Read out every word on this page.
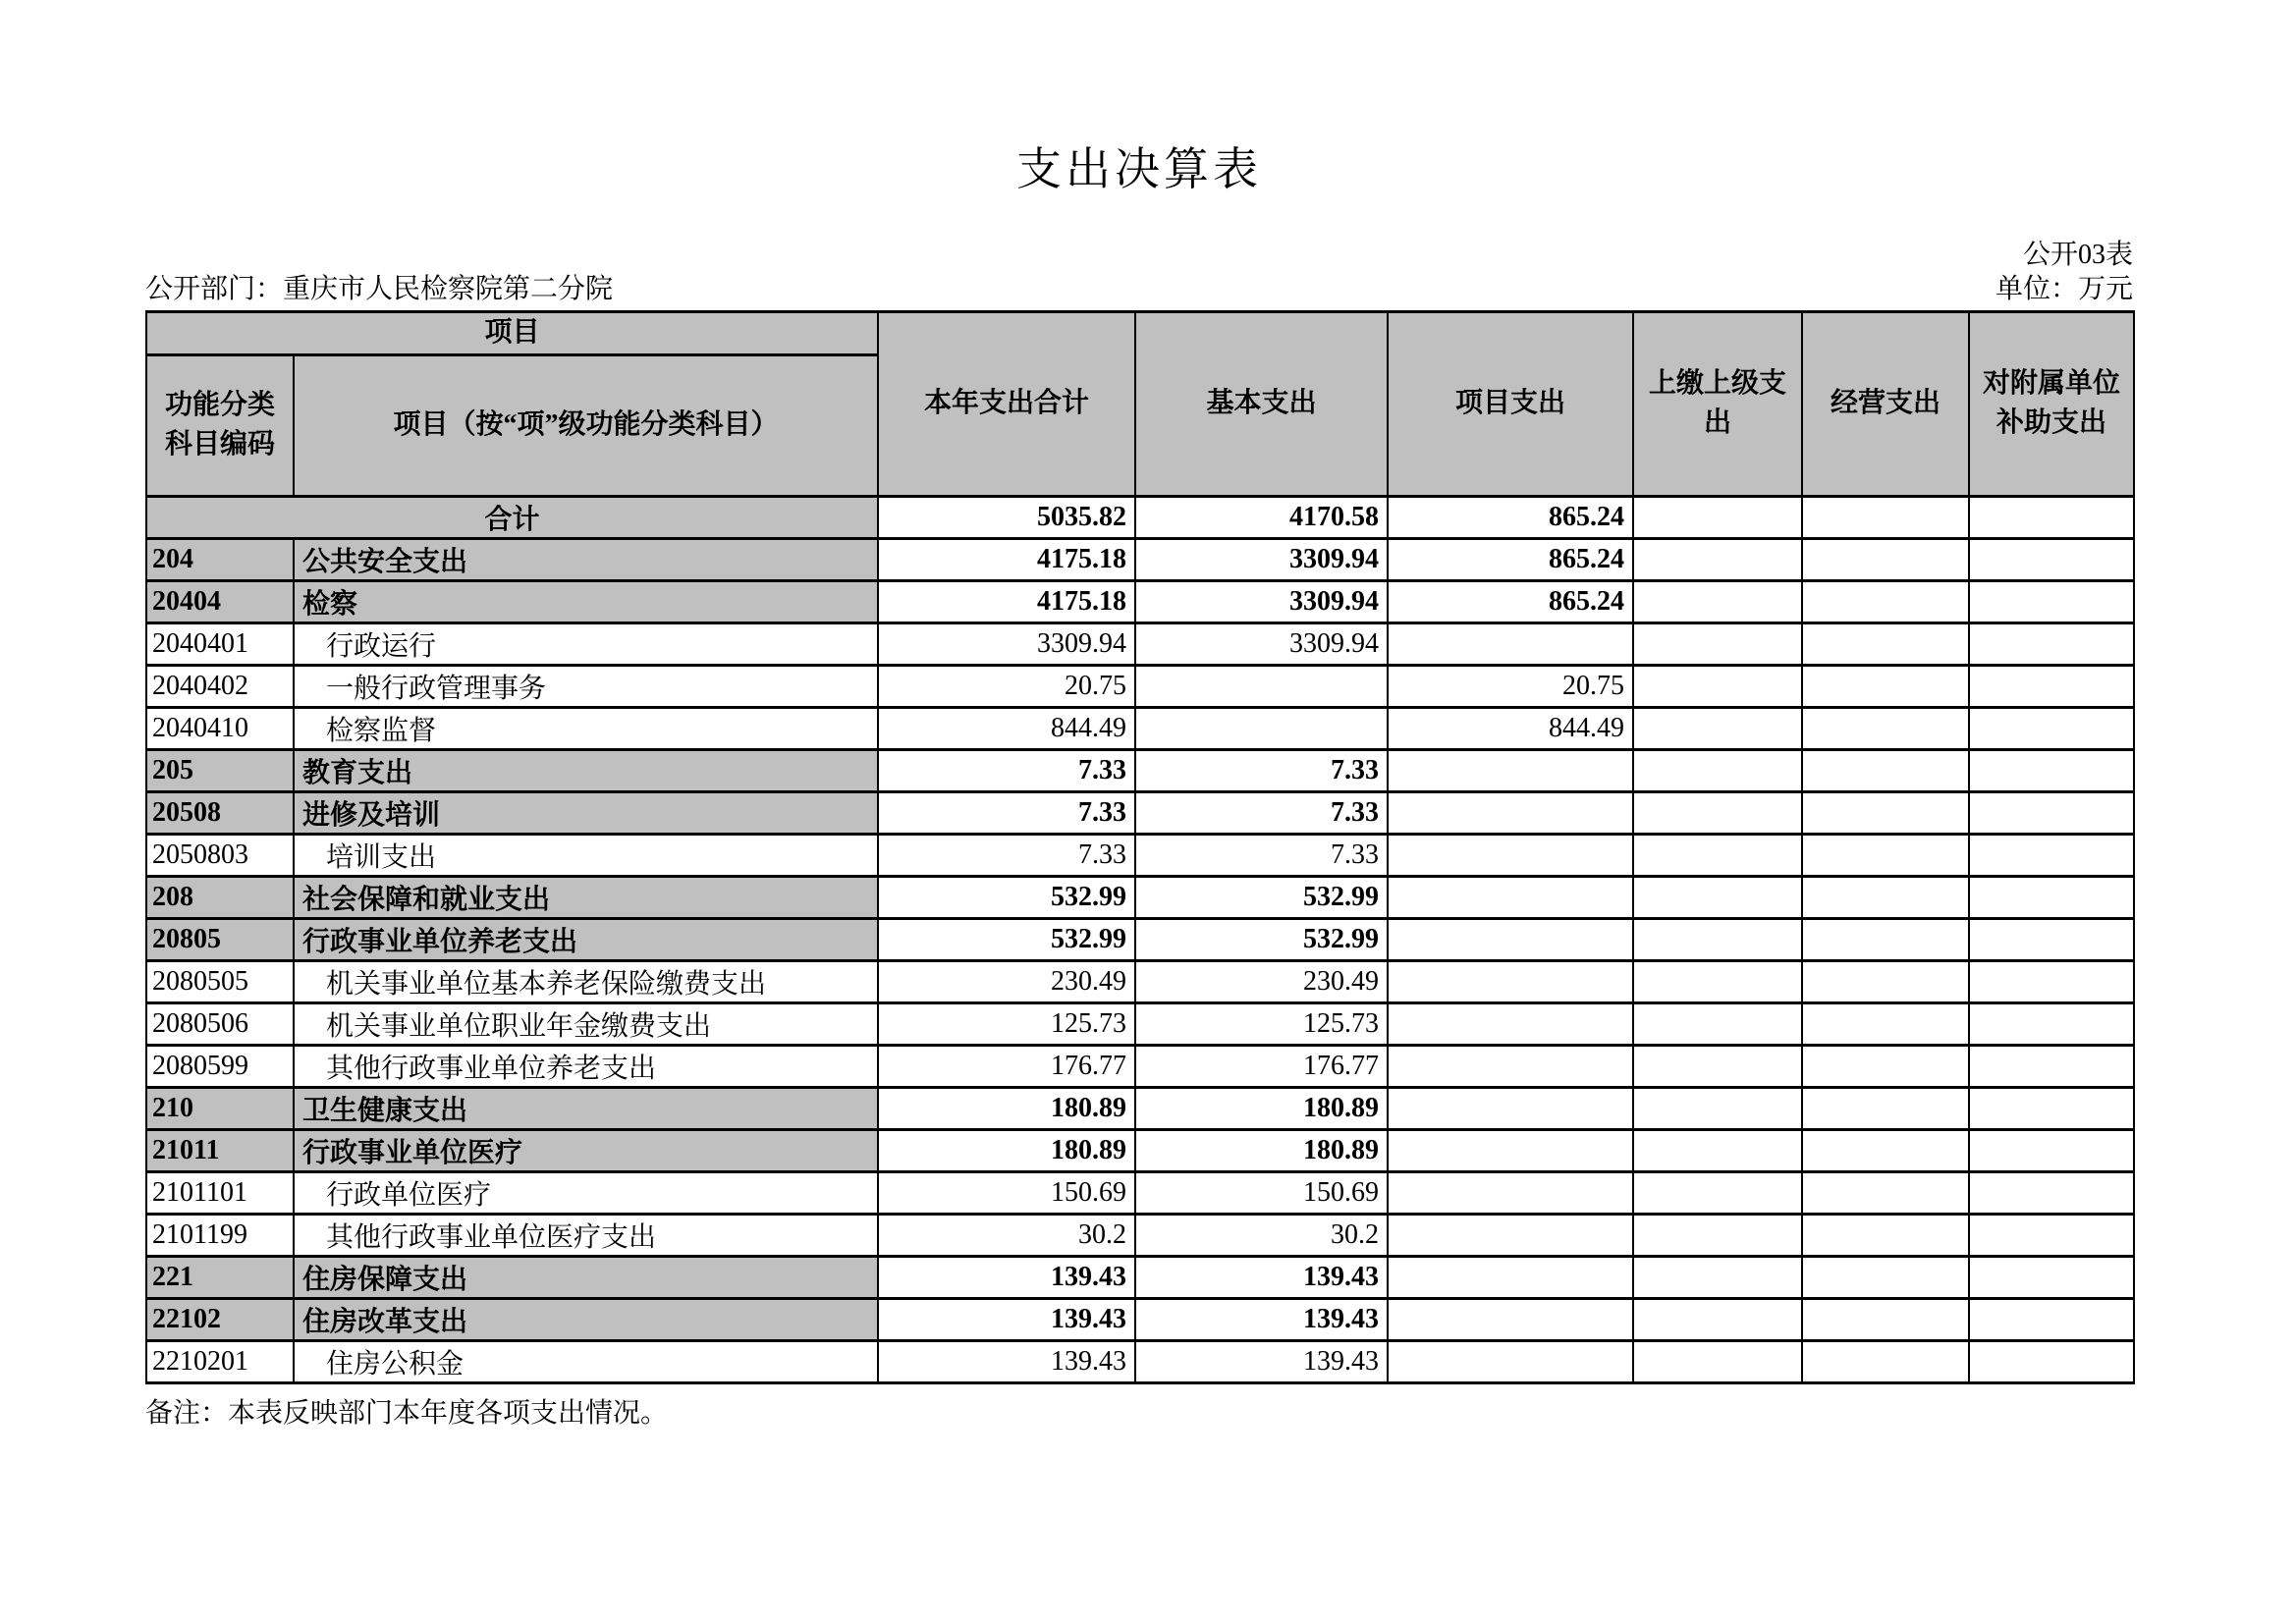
支出决算表
公开03表
公开部门：重庆市人民检察院第二分院	单位：万元
项目		本年支出合计	基本支出	项目支出	上缴上级支出	经营支出	对附属单位补助支出
功能分类科目编码	项目（按“项”级功能分类科目）						
合计		5035.82	4170.58	865.24			
204	公共安全支出	4175.18	3309.94	865.24			
20404	检察	4175.18	3309.94	865.24			
2040401	行政运行	3309.94	3309.94				
2040402	一般行政管理事务	20.75		20.75			
2040410	检察监督	844.49		844.49			
205	教育支出	7.33	7.33				
20508	进修及培训	7.33	7.33				
2050803	培训支出	7.33	7.33				
208	社会保障和就业支出	532.99	532.99				
20805	行政事业单位养老支出	532.99	532.99				
2080505	机关事业单位基本养老保险缴费支出	230.49	230.49				
2080506	机关事业单位职业年金缴费支出	125.73	125.73				
2080599	其他行政事业单位养老支出	176.77	176.77				
210	卫生健康支出	180.89	180.89				
21011	行政事业单位医疗	180.89	180.89				
2101101	行政单位医疗	150.69	150.69				
2101199	其他行政事业单位医疗支出	30.2	30.2				
221	住房保障支出	139.43	139.43				
22102	住房改革支出	139.43	139.43				
2210201	住房公积金	139.43	139.43				
备注：本表反映部门本年度各项支出情况。
